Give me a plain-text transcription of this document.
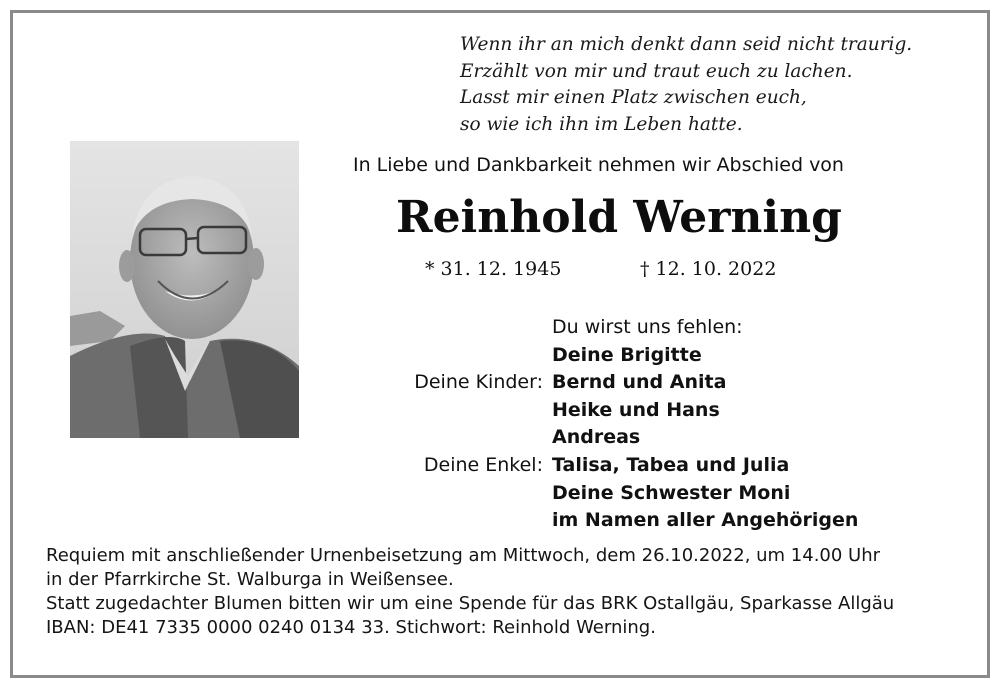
Wenn ihr an mich denkt dann seid nicht traurig.
Erzählt von mir und traut euch zu lachen.
Lasst mir einen Platz zwischen euch,
so wie ich ihn im Leben hatte.
In Liebe und Dankbarkeit nehmen wir Abschied von
Reinhold Werning
* 31. 12. 1945	† 12. 10. 2022
Du wirst uns fehlen:
Deine Brigitte
Deine Kinder: Bernd und Anita
Heike und Hans
Andreas
Deine Enkel: Talisa, Tabea und Julia
Deine Schwester Moni
im Namen aller Angehörigen
Requiem mit anschließender Urnenbeisetzung am Mittwoch, dem 26.10.2022, um 14.00 Uhr
in der Pfarrkirche St. Walburga in Weißensee.
Statt zugedachter Blumen bitten wir um eine Spende für das BRK Ostallgäu, Sparkasse Allgäu
IBAN: DE41 7335 0000 0240 0134 33. Stichwort: Reinhold Werning.
